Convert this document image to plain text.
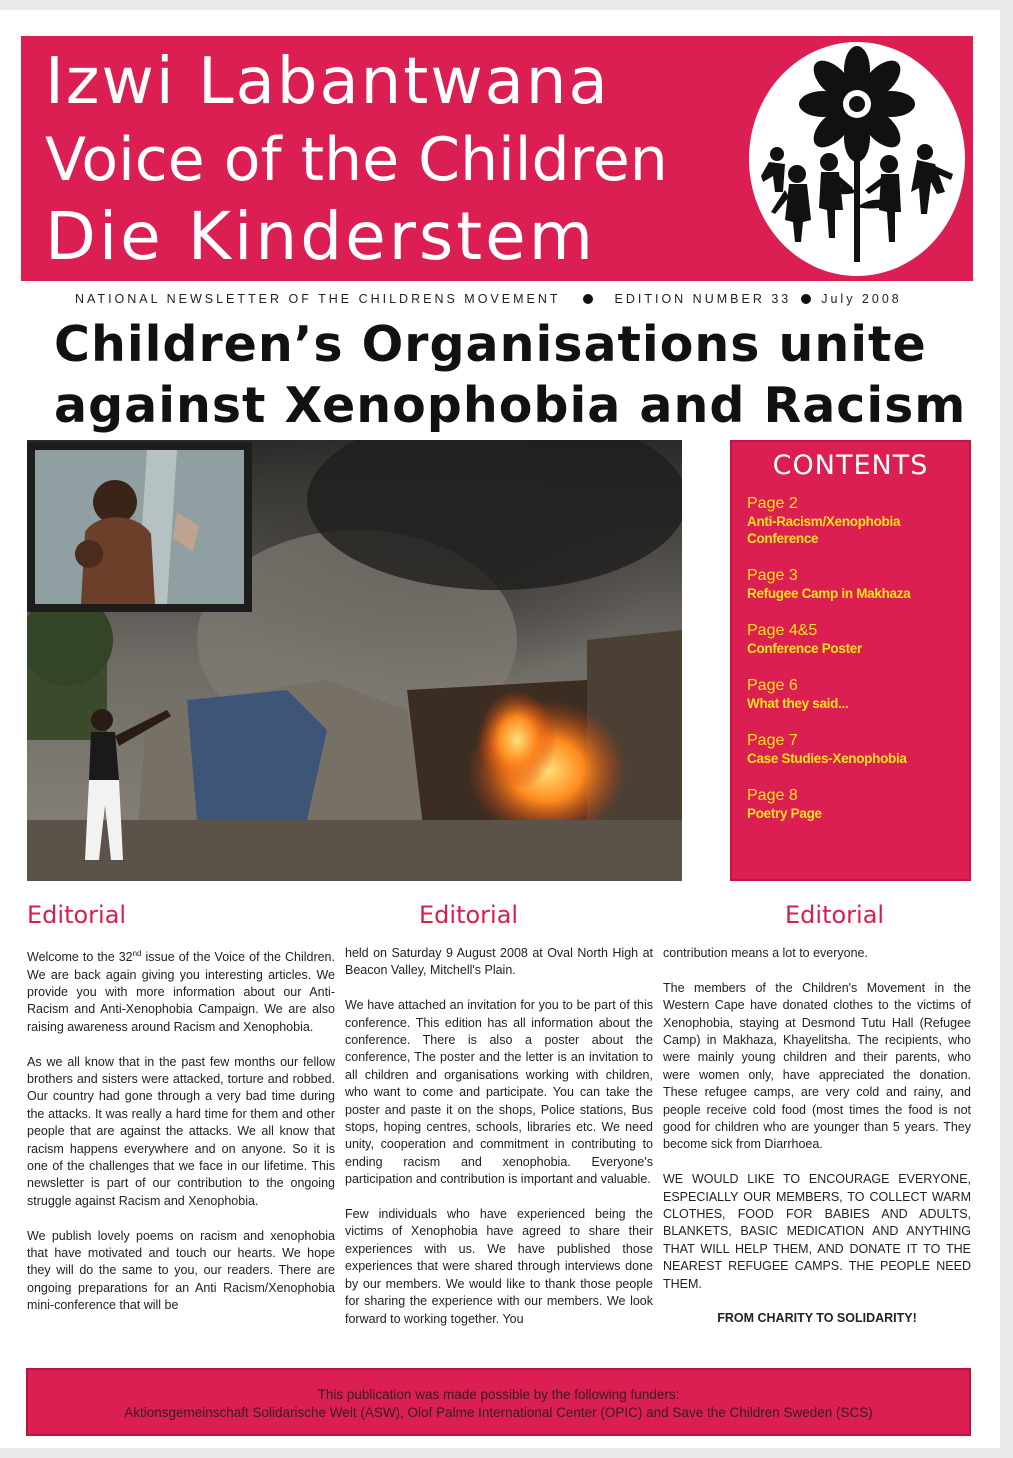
Izwi Labantwana
Voice of the Children
Die Kinderstem
NATIONAL NEWSLETTER OF THE CHILDRENS MOVEMENT	EDITION NUMBER 33 July 2008
Children’s Organisations unite
against Xenophobia and Racism
CONTENTS
Page 2
Anti-Racism/Xenophobia
Conference
Page 3
Refugee Camp in Makhaza
Page 4&5
Conference Poster
Page 6
What they said...
Page 7
Case Studies-Xenophobia
Page 8
Poetry Page
Editorial	Editorial	Editorial

Welcome to the 32nd issue of the Voice of the Children. We are back again giving you interesting articles. We provide you with more information about our Anti-Racism and Anti-Xenophobia Campaign. We are also raising awareness around Racism and Xenophobia.

As we all know that in the past few months our fellow brothers and sisters were attacked, torture and robbed. Our country had gone through a very bad time during the attacks. It was really a hard time for them and other people that are against the attacks. We all know that racism happens everywhere and on anyone. So it is one of the challenges that we face in our lifetime. This newsletter is part of our contribution to the ongoing struggle against Racism and Xenophobia.

We publish lovely poems on racism and xenophobia that have motivated and touch our hearts. We hope they will do the same to you, our readers. There are ongoing preparations for an Anti Racism/Xenophobia mini-conference that will be

held on Saturday 9 August 2008 at Oval North High at Beacon Valley, Mitchell's Plain.

We have attached an invitation for you to be part of this conference. This edition has all information about the conference. There is also a poster about the conference, The poster and the letter is an invitation to all children and organisations working with children, who want to come and participate. You can take the poster and paste it on the shops, Police stations, Bus stops, hoping centres, schools, libraries etc. We need unity, cooperation and commitment in contributing to ending racism and xenophobia. Everyone's participation and contribution is important and valuable.

Few individuals who have experienced being the victims of Xenophobia have agreed to share their experiences with us. We have published those experiences that were shared through interviews done by our members. We would like to thank those people for sharing the experience with our members. We look forward to working together. You

contribution means a lot to everyone.

The members of the Children's Movement in the Western Cape have donated clothes to the victims of Xenophobia, staying at Desmond Tutu Hall (Refugee Camp) in Makhaza, Khayelitsha. The recipients, who were mainly young children and their parents, who were women only, have appreciated the donation. These refugee camps, are very cold and rainy, and people receive cold food (most times the food is not good for children who are younger than 5 years. They become sick from Diarrhoea.

WE WOULD LIKE TO ENCOURAGE EVERYONE, ESPECIALLY OUR MEMBERS, TO COLLECT WARM CLOTHES, FOOD FOR BABIES AND ADULTS, BLANKETS, BASIC MEDICATION AND ANYTHING THAT WILL HELP THEM, AND DONATE IT TO THE NEAREST REFUGEE CAMPS. THE PEOPLE NEED THEM.

FROM CHARITY TO SOLIDARITY!

This publication was made possible by the following funders:
Aktionsgemeinschaft Solidarische Welt (ASW), Olof Palme International Center (OPIC) and Save the Children Sweden (SCS)
